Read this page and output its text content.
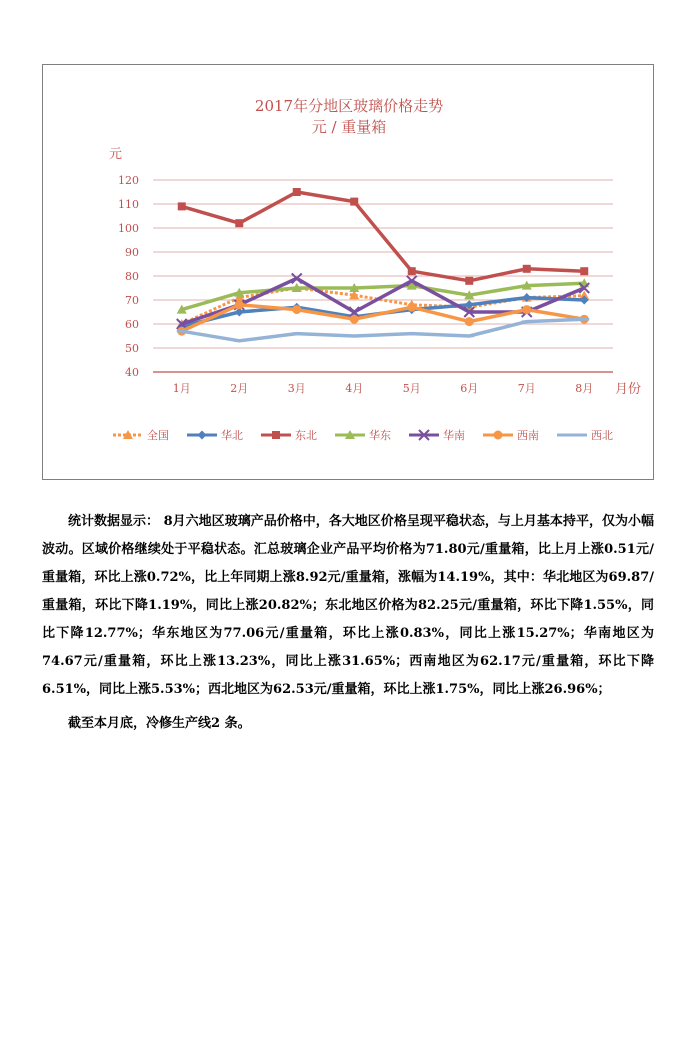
2017年分地区玻璃价格走势
元 / 重量箱
元
月份
40
50
60
70
80
90
100
110
120
1月	2月	3月	4月	5月	6月	7月	8月
全国	华北	东北	华东	华南	西南	西北

统计数据显示： 8月六地区玻璃产品价格中，各大地区价格呈现平稳状态，与上月基本持平，仅为小幅波动。区域价格继续处于平稳状态。汇总玻璃企业产品平均价格为71.80元/重量箱，比上月上涨0.51元/重量箱，环比上涨0.72%，比上年同期上涨8.92元/重量箱，涨幅为14.19%，其中：华北地区为69.87/重量箱，环比下降1.19%，同比上涨20.82%；东北地区价格为82.25元/重量箱，环比下降1.55%，同比下降12.77%；华东地区为77.06元/重量箱，环比上涨0.83%，同比上涨15.27%；华南地区为74.67元/重量箱，环比上涨13.23%，同比上涨31.65%；西南地区为62.17元/重量箱，环比下降6.51%，同比上涨5.53%；西北地区为62.53元/重量箱，环比上涨1.75%，同比上涨26.96%；

截至本月底，冷修生产线2 条。
